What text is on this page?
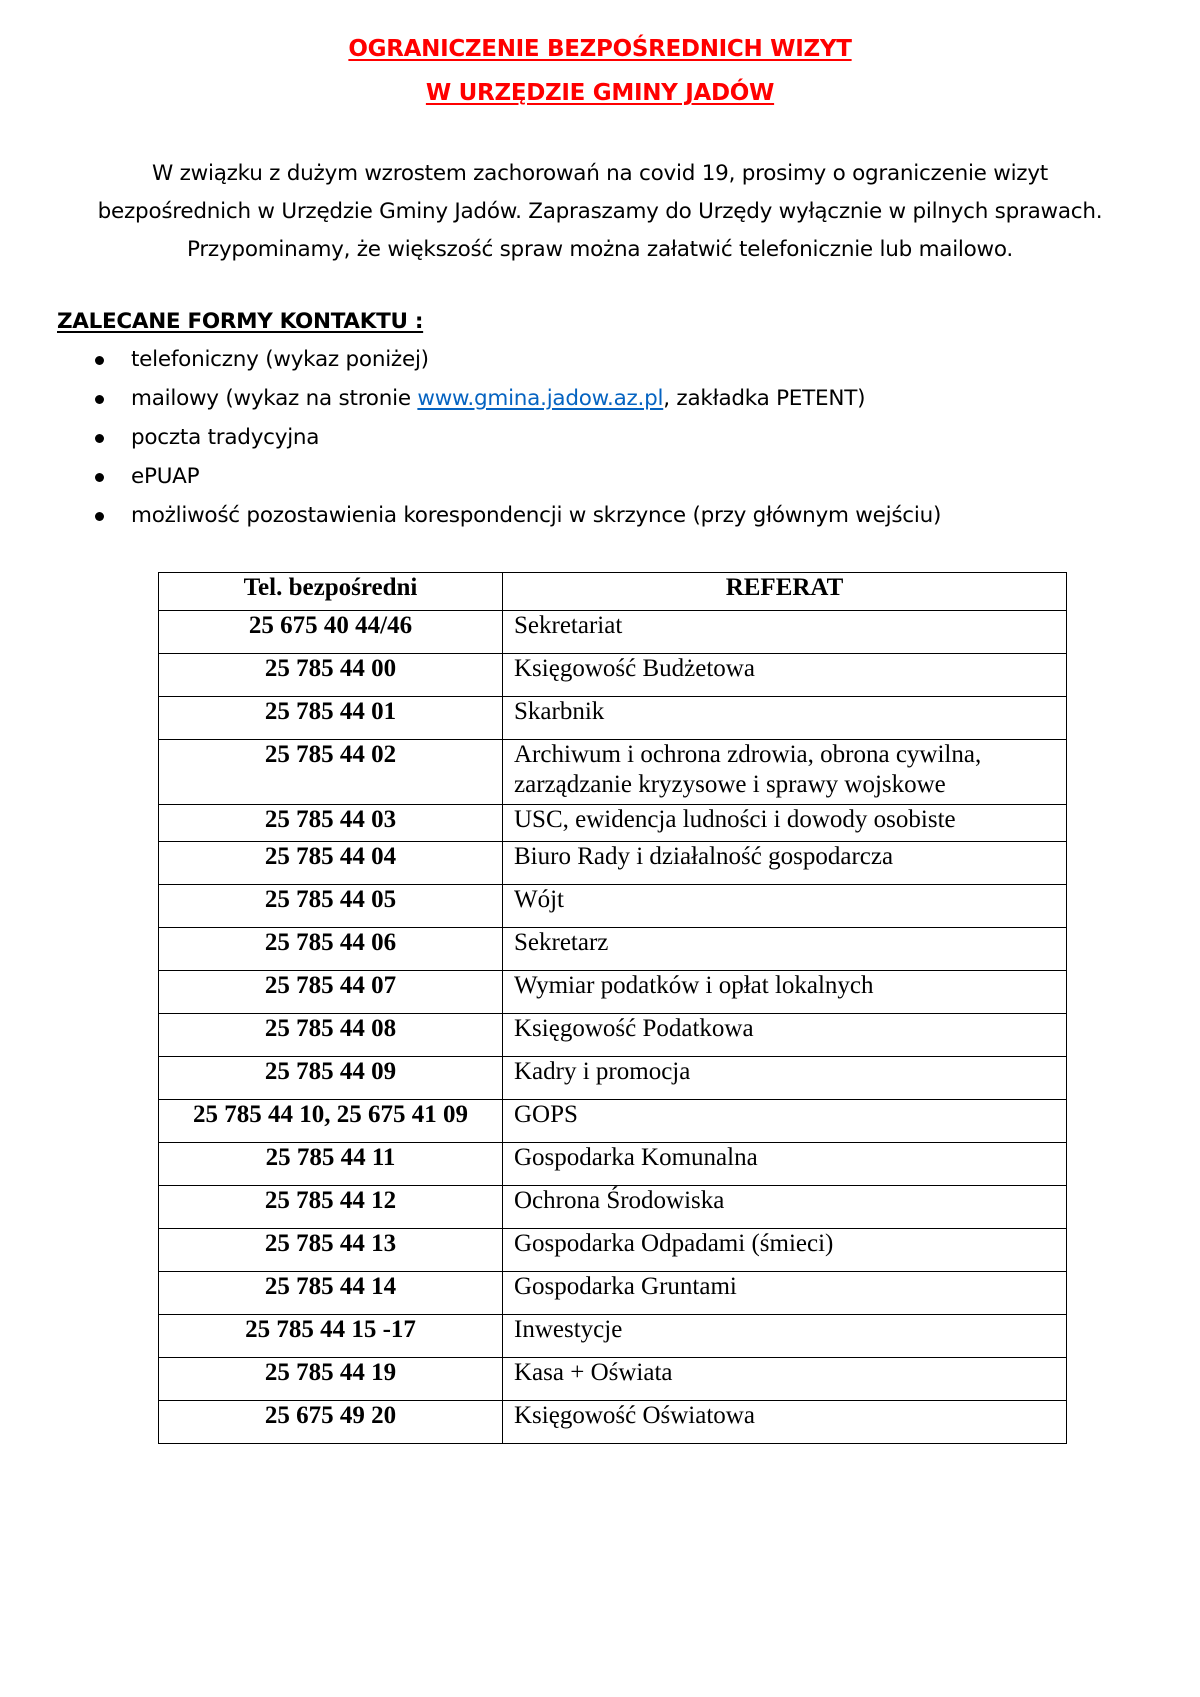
OGRANICZENIE BEZPOŚREDNICH WIZYT
W URZĘDZIE GMINY JADÓW
W związku z dużym wzrostem zachorowań na covid 19, prosimy o ograniczenie wizyt
bezpośrednich w Urzędzie Gminy Jadów. Zapraszamy do Urzędy wyłącznie w pilnych sprawach.
Przypominamy, że większość spraw można załatwić telefonicznie lub mailowo.
ZALECANE FORMY KONTAKTU :
telefoniczny (wykaz poniżej)
mailowy (wykaz na stronie www.gmina.jadow.az.pl, zakładka PETENT)
poczta tradycyjna
ePUAP
możliwość pozostawienia korespondencji w skrzynce (przy głównym wejściu)
Tel. bezpośredni	REFERAT
25 675 40 44/46	Sekretariat
25 785 44 00	Księgowość Budżetowa
25 785 44 01	Skarbnik
25 785 44 02	Archiwum i ochrona zdrowia, obrona cywilna,
zarządzanie kryzysowe i sprawy wojskowe
25 785 44 03	USC, ewidencja ludności i dowody osobiste
25 785 44 04	Biuro Rady i działalność gospodarcza
25 785 44 05	Wójt
25 785 44 06	Sekretarz
25 785 44 07	Wymiar podatków i opłat lokalnych
25 785 44 08	Księgowość Podatkowa
25 785 44 09	Kadry i promocja
25 785 44 10, 25 675 41 09	GOPS
25 785 44 11	Gospodarka Komunalna
25 785 44 12	Ochrona Środowiska
25 785 44 13	Gospodarka Odpadami (śmieci)
25 785 44 14	Gospodarka Gruntami
25 785 44 15 -17	Inwestycje
25 785 44 19	Kasa + Oświata
25 675 49 20	Księgowość Oświatowa
